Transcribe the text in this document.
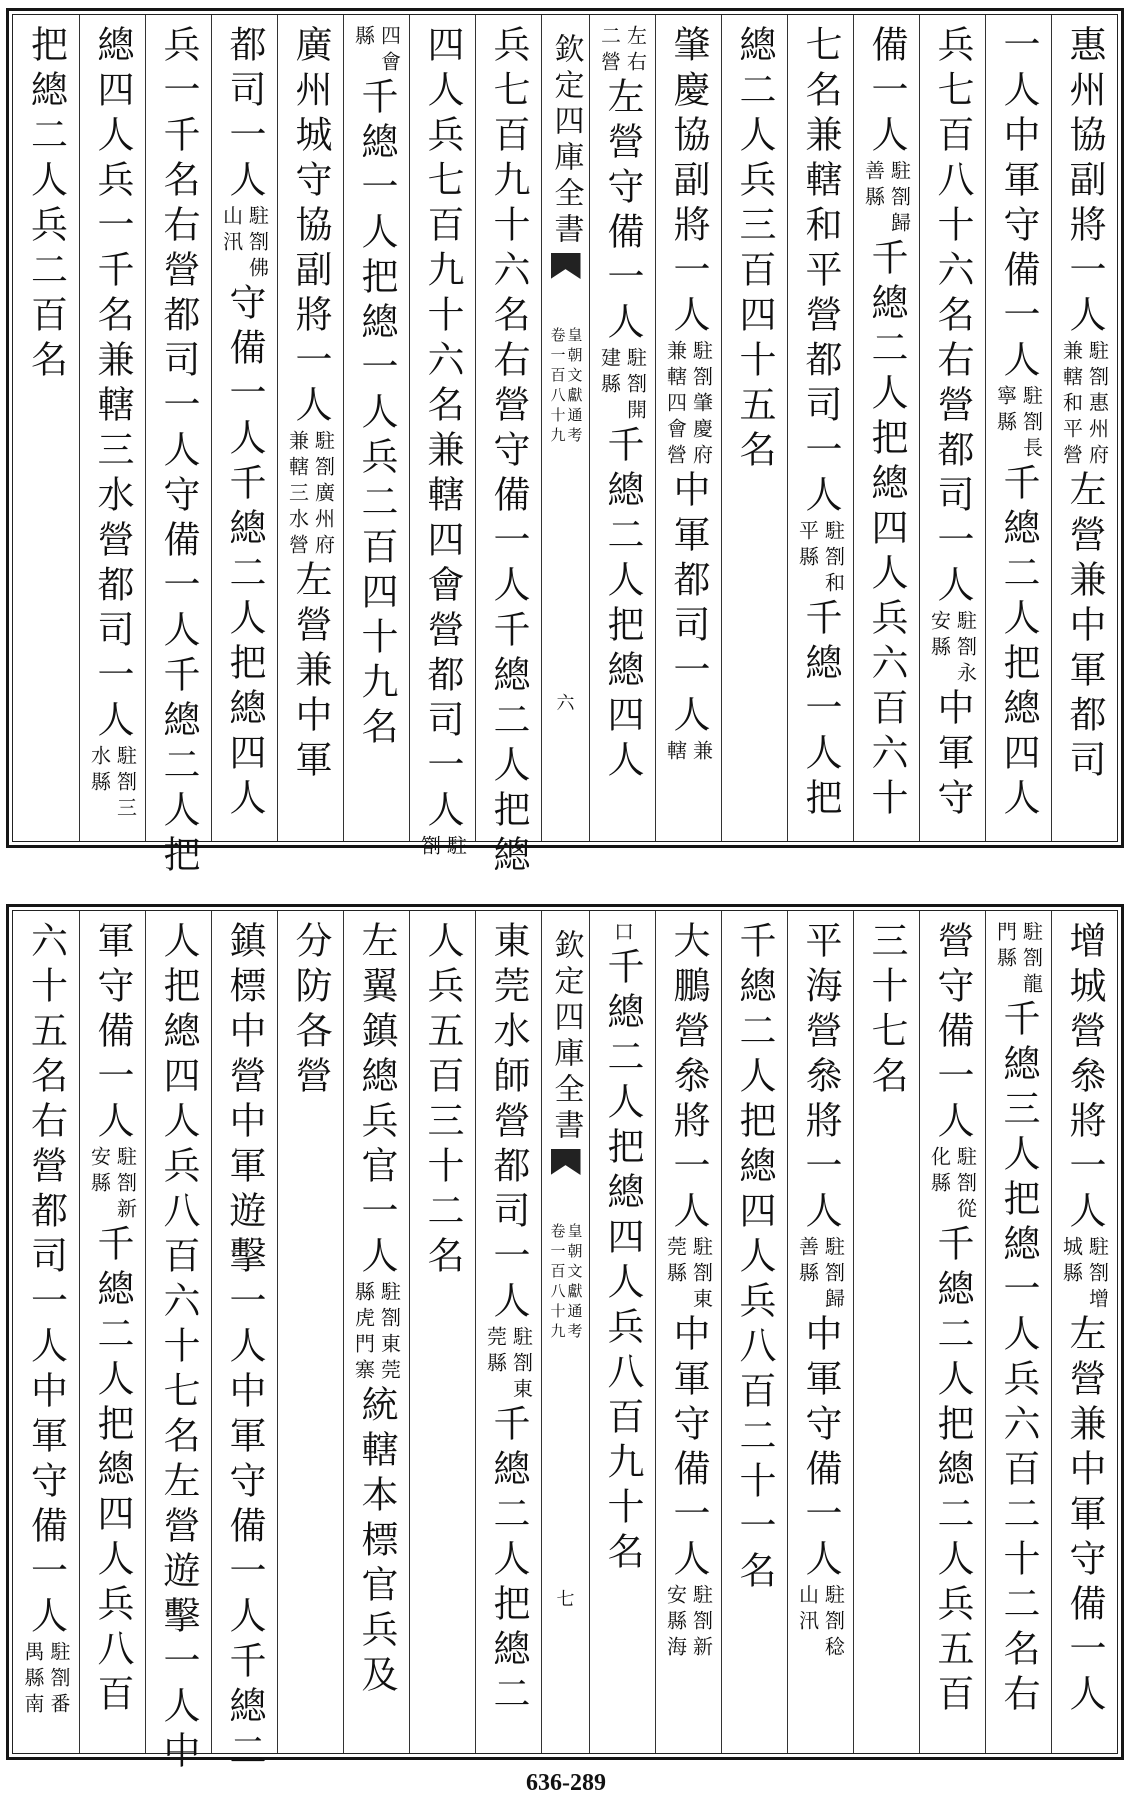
惠州協副將一人
駐劄惠州府
兼轄和平營
左營兼中軍都司
一人中軍守備一人
駐劄長
寧縣
千總二人把總四人
兵七百八十六名右營都司一人
駐劄永
安縣
中軍守
備一人
駐劄歸
善縣
千總二人把總四人兵六百六十
七名兼轄和平營都司一人
駐劄和
平縣
千總一人把
總二人兵三百四十五名
肇慶協副將一人
駐劄肇慶府
兼轄四會營
中軍都司一人
兼
轄
左右
二營
左營守備一人
駐劄開
建縣
千總二人把總四人
欽定四庫全書
皇朝文獻通考
卷一百八十九
六
兵七百九十六名右營守備一人千總二人把總
四人兵七百九十六名兼轄四會營都司一人
駐
劄
四會
縣
千總一人把總一人兵二百四十九名
廣州城守協副將一人
駐劄廣州府
兼轄三水營
左營兼中軍
都司一人
駐劄佛
山汛
守備一人千總二人把總四人
兵一千名右營都司一人守備一人千總二人把
總四人兵一千名兼轄三水營都司一人
駐劄三
水縣
把總二人兵二百名
增城營叅將一人
駐劄增
城縣
左營兼中軍守備一人
駐劄龍
門縣
千總三人把總一人兵六百二十二名右
營守備一人
駐劄從
化縣
千總二人把總二人兵五百
三十七名
平海營叅將一人
駐劄歸
善縣
中軍守備一人
駐劄稔
山汛
千總二人把總四人兵八百二十一名
大鵬營叅將一人
駐劄東
莞縣
中軍守備一人
駐劄新
安縣海
口
千總二人把總四人兵八百九十名
欽定四庫全書
皇朝文獻通考
卷一百八十九
七
東莞水師營都司一人
駐劄東
莞縣
千總二人把總二
人兵五百三十二名
左翼鎮總兵官一人
駐劄東莞
縣虎門寨
統轄本標官兵及
分防各營
鎮標中營中軍遊擊一人中軍守備一人千總二
人把總四人兵八百六十七名左營遊擊一人中
軍守備一人
駐劄新
安縣
千總二人把總四人兵八百
六十五名右營都司一人中軍守備一人
駐劄番
禺縣南
636-289
